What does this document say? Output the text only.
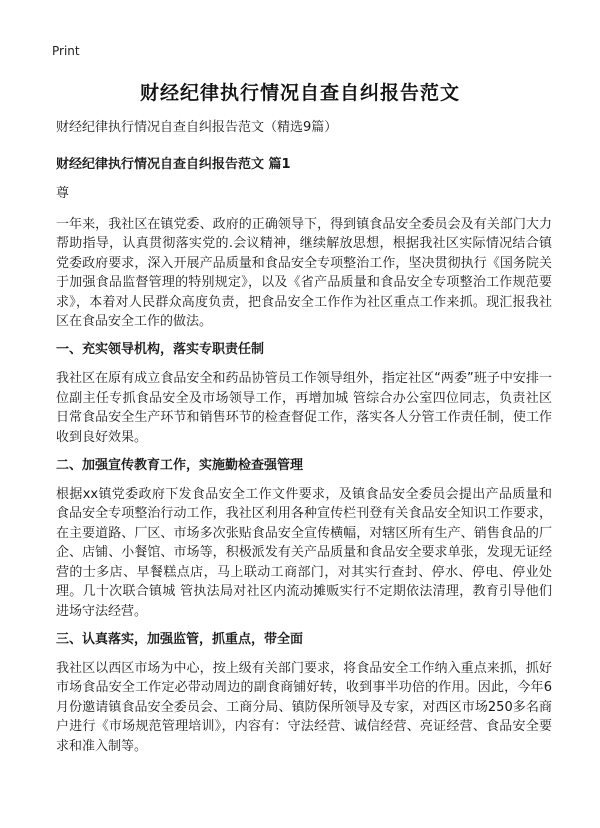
Print
财经纪律执行情况自查自纠报告范文

财经纪律执行情况自查自纠报告范文（精选9篇）

财经纪律执行情况自查自纠报告范文 篇1

尊

一年来，我社区在镇党委、政府的正确领导下，得到镇食品安全委员会及有关部门大力帮助指导，认真贯彻落实党的.会议精神，继续解放思想，根据我社区实际情况结合镇党委政府要求，深入开展产品质量和食品安全专项整治工作，坚决贯彻执行《国务院关于加强食品监督管理的特别规定》，以及《省产品质量和食品安全专项整治工作规范要求》，本着对人民群众高度负责，把食品安全工作作为社区重点工作来抓。现汇报我社区在食品安全工作的做法。

一、充实领导机构，落实专职责任制

我社区在原有成立食品安全和药品协管员工作领导组外，指定社区“两委”班子中安排一位副主任专抓食品安全及市场领导工作，再增加城 管综合办公室四位同志，负责社区日常食品安全生产环节和销售环节的检查督促工作，落实各人分管工作责任制，使工作收到良好效果。

二、加强宣传教育工作，实施勤检查强管理

根据xx镇党委政府下发食品安全工作文件要求，及镇食品安全委员会提出产品质量和食品安全专项整治行动工作，我社区利用各种宣传栏刊登有关食品安全知识工作要求，在主要道路、厂区、市场多次张贴食品安全宣传横幅，对辖区所有生产、销售食品的厂企、店铺、小餐馆、市场等，积极派发有关产品质量和食品安全要求单张，发现无证经营的士多店、早餐糕点店，马上联动工商部门，对其实行查封、停水、停电、停业处理。几十次联合镇城 管执法局对社区内流动摊贩实行不定期依法清理，教育引导他们进场守法经营。

三、认真落实，加强监管，抓重点，带全面

我社区以西区市场为中心，按上级有关部门要求，将食品安全工作纳入重点来抓，抓好市场食品安全工作定必带动周边的副食商铺好转，收到事半功倍的作用。因此，今年6月份邀请镇食品安全委员会、工商分局、镇防保所领导及专家，对西区市场250多名商户进行《市场规范管理培训》，内容有：守法经营、诚信经营、亮证经营、食品安全要求和准入制等。
